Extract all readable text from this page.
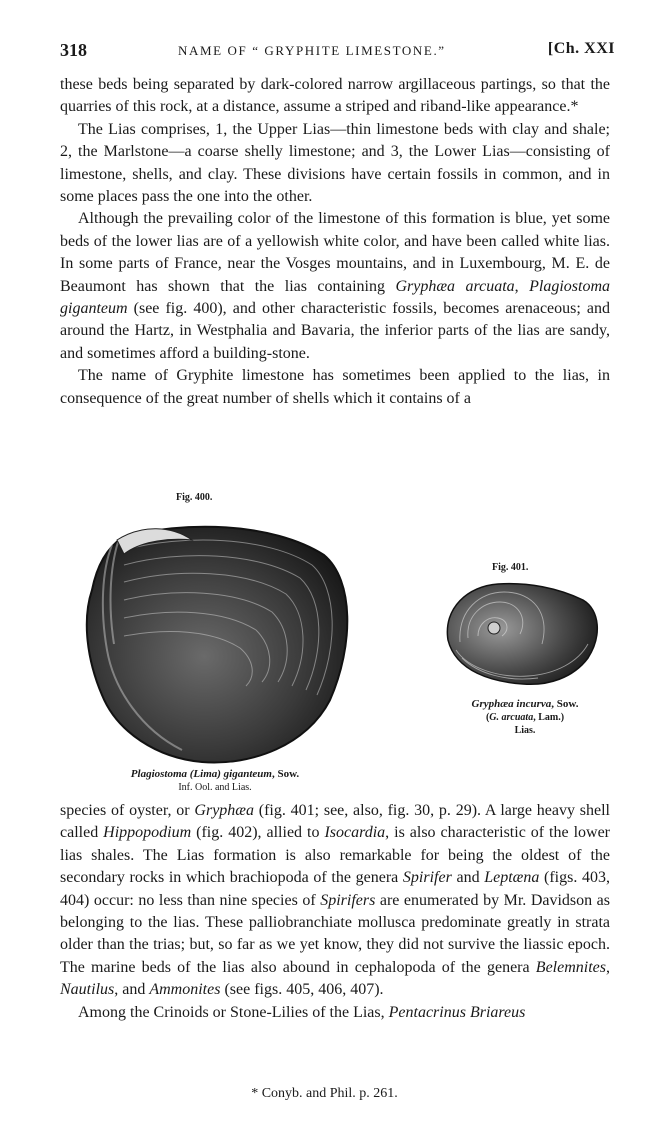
318	NAME OF “ GRYPHITE LIMESTONE.”	[Ch. XXI

these beds being separated by dark-colored narrow argillaceous partings, so that the quarries of this rock, at a distance, assume a striped and riband-like appearance.*

The Lias comprises, 1, the Upper Lias—thin limestone beds with clay and shale; 2, the Marlstone—a coarse shelly limestone; and 3, the Lower Lias—consisting of limestone, shells, and clay. These divisions have certain fossils in common, and in some places pass the one into the other.

Although the prevailing color of the limestone of this formation is blue, yet some beds of the lower lias are of a yellowish white color, and have been called white lias. In some parts of France, near the Vosges mountains, and in Luxembourg, M. E. de Beaumont has shown that the lias containing Gryphæa arcuata, Plagiostoma giganteum (see fig. 400), and other characteristic fossils, becomes arenaceous; and around the Hartz, in Westphalia and Bavaria, the inferior parts of the lias are sandy, and sometimes afford a building-stone.

The name of Gryphite limestone has sometimes been applied to the lias, in consequence of the great number of shells which it contains of a

Fig. 400.
Plagiostoma (Lima) giganteum, Sow.
Inf. Ool. and Lias.
Fig. 401.
Gryphæa incurva, Sow.
(G. arcuata, Lam.)
Lias.

species of oyster, or Gryphæa (fig. 401; see, also, fig. 30, p. 29). A large heavy shell called Hippopodium (fig. 402), allied to Isocardia, is also characteristic of the lower lias shales. The Lias formation is also remarkable for being the oldest of the secondary rocks in which brachiopoda of the genera Spirifer and Leptæna (figs. 403, 404) occur: no less than nine species of Spirifers are enumerated by Mr. Davidson as belonging to the lias. These palliobranchiate mollusca predominate greatly in strata older than the trias; but, so far as we yet know, they did not survive the liassic epoch. The marine beds of the lias also abound in cephalopoda of the genera Belemnites, Nautilus, and Ammonites (see figs. 405, 406, 407).

Among the Crinoids or Stone-Lilies of the Lias, Pentacrinus Briareus

* Conyb. and Phil. p. 261.
